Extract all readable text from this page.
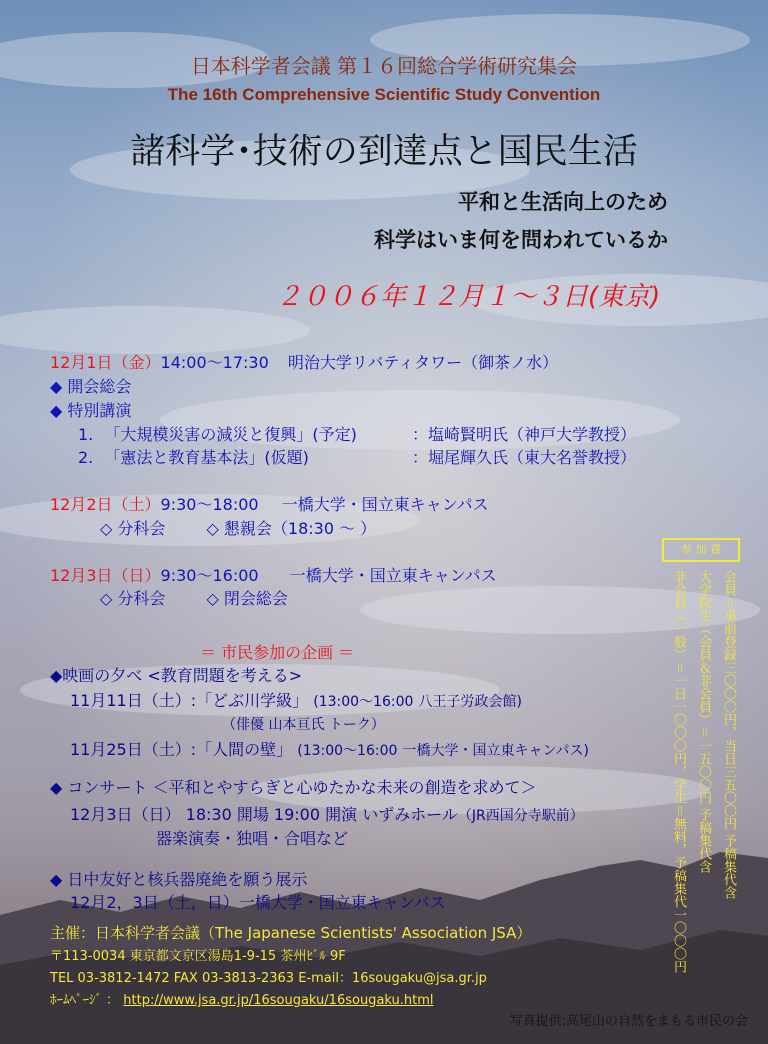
日本科学者会議 第１６回総合学術研究集会
The 16th Comprehensive Scientific Study Convention
諸科学･技術の到達点と国民生活
平和と生活向上のため
科学はいま何を問われているか
２００６年１２月１～３日(東京)
12月1日（金）14:00～17:30 明治大学リバティタワー（御茶ノ水）
◆ 開会総会
◆ 特別講演
1. 「大規模災害の減災と復興」(予定)	：塩崎賢明氏（神戸大学教授）
2. 「憲法と教育基本法」(仮題)	：堀尾輝久氏（東大名誉教授）
12月2日（土）9:30～18:00 一橋大学・国立東キャンパス
◇ 分科会	◇ 懇親会（18:30 ～ ）
12月3日（日）9:30～16:00 一橋大学・国立東キャンパス
◇ 分科会	◇ 閉会総会
＝ 市民参加の企画 ＝
◆映画の夕べ <教育問題を考える>
11月11日（土）:「どぶ川学級」 (13:00～16:00 八王子労政会館)
（俳優 山本亘氏 トーク）
11月25日（土）:「人間の壁」 (13:00～16:00 一橋大学・国立東キャンパス)
◆ コンサート ＜平和とやすらぎと心ゆたかな未来の創造を求めて＞
12月3日（日） 18:30 開場 19:00 開演 いずみホール（JR西国分寺駅前）
器楽演奏・独唱・合唱など
◆ 日中友好と核兵器廃絶を願う展示
12月2，3日（土，日）一橋大学・国立東キャンパス
主催：日本科学者会議（The Japanese Scientists' Association JSA）
〒113-0034 東京都文京区湯島1-9-15 茶州ﾋﾞﾙ 9F
TEL 03-3812-1472 FAX 03-3813-2363 E-mail：16sougaku@jsa.gr.jp
ﾎｰﾑﾍﾟｰｼﾞ ： http://www.jsa.gr.jp/16sougaku/16sougaku.html
写真提供:高尾山の自然をまもる市民の会
参 加 費
会員＝事前登録三〇〇〇円，当日三五〇〇円 予稿集代含
大学院生（会員＆非会員）＝一五〇〇円 予稿集代含
非会員（一般）＝一日一〇〇〇円，学生＝無料，予稿集代一〇〇〇円
